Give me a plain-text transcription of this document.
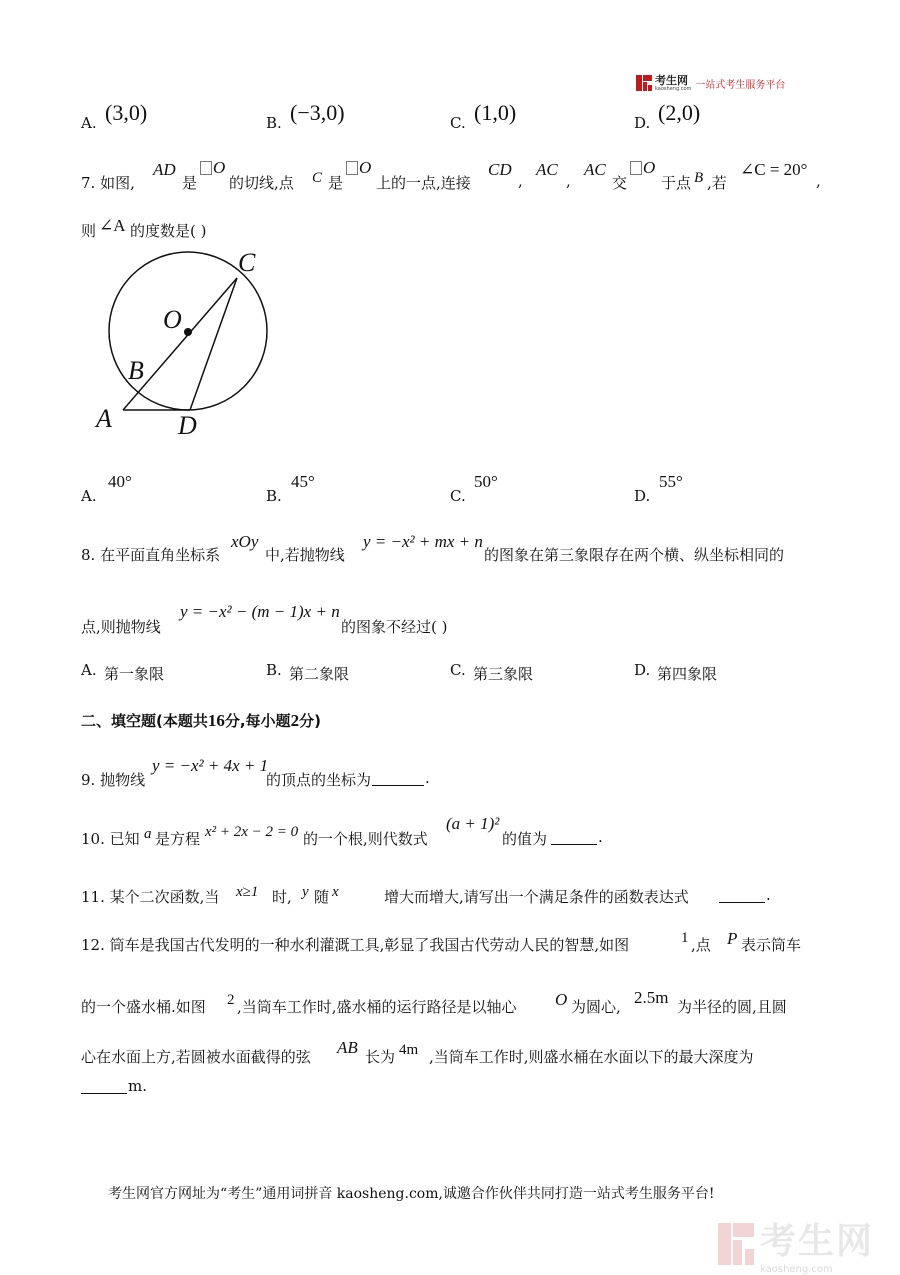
考生网
kaosheng.com 一站式考生服务平台
A. (3,0)	B. (−3,0)	C. (1,0)	D. (2,0)
7. 如图,
AD
是
O
的切线,点 C 是
O
上的一点,连接
CD
,
AC
,
AC
交
O
于点 B ,若
∠C = 20°
,
则 ∠A 的度数是( )
C
O
B
A	D
A.
40°
B.
45°
C.
50°
D.
55°
8. 在平面直角坐标系
xOy
中,若抛物线
y = −x² + mx + n
的图象在第三象限存在两个横、纵坐标相同的
点,则抛物线
y = −x² − (m − 1)x + n
的图象不经过( )
A. 第一象限	B. 第二象限	C. 第三象限	D. 第四象限
二、填空题(本题共16分,每小题2分)
9. 抛物线
y = −x² + 4x + 1
的顶点的坐标为	.
10. 已知 a 是方程 x² + 2x − 2 = 0 的一个根,则代数式
(a + 1)²
的值为	.
11. 某个二次函数,当 x≥1 时, y 随 x	增大而增大,请写出一个满足条件的函数表达式	.
12. 筒车是我国古代发明的一种水利灌溉工具,彰显了我国古代劳动人民的智慧,如图	1 ,点 P 表示筒车
的一个盛水桶.如图 2 ,当筒车工作时,盛水桶的运行路径是以轴心 O 为圆心, 2.5m 为半径的圆,且圆
心在水面上方,若圆被水面截得的弦 AB 长为 4m ,当筒车工作时,则盛水桶在水面以下的最大深度为
m.
考生网官方网址为“考生”通用词拼音 kaosheng.com,诚邀合作伙伴共同打造一站式考生服务平台!
考生网
kaosheng.com
